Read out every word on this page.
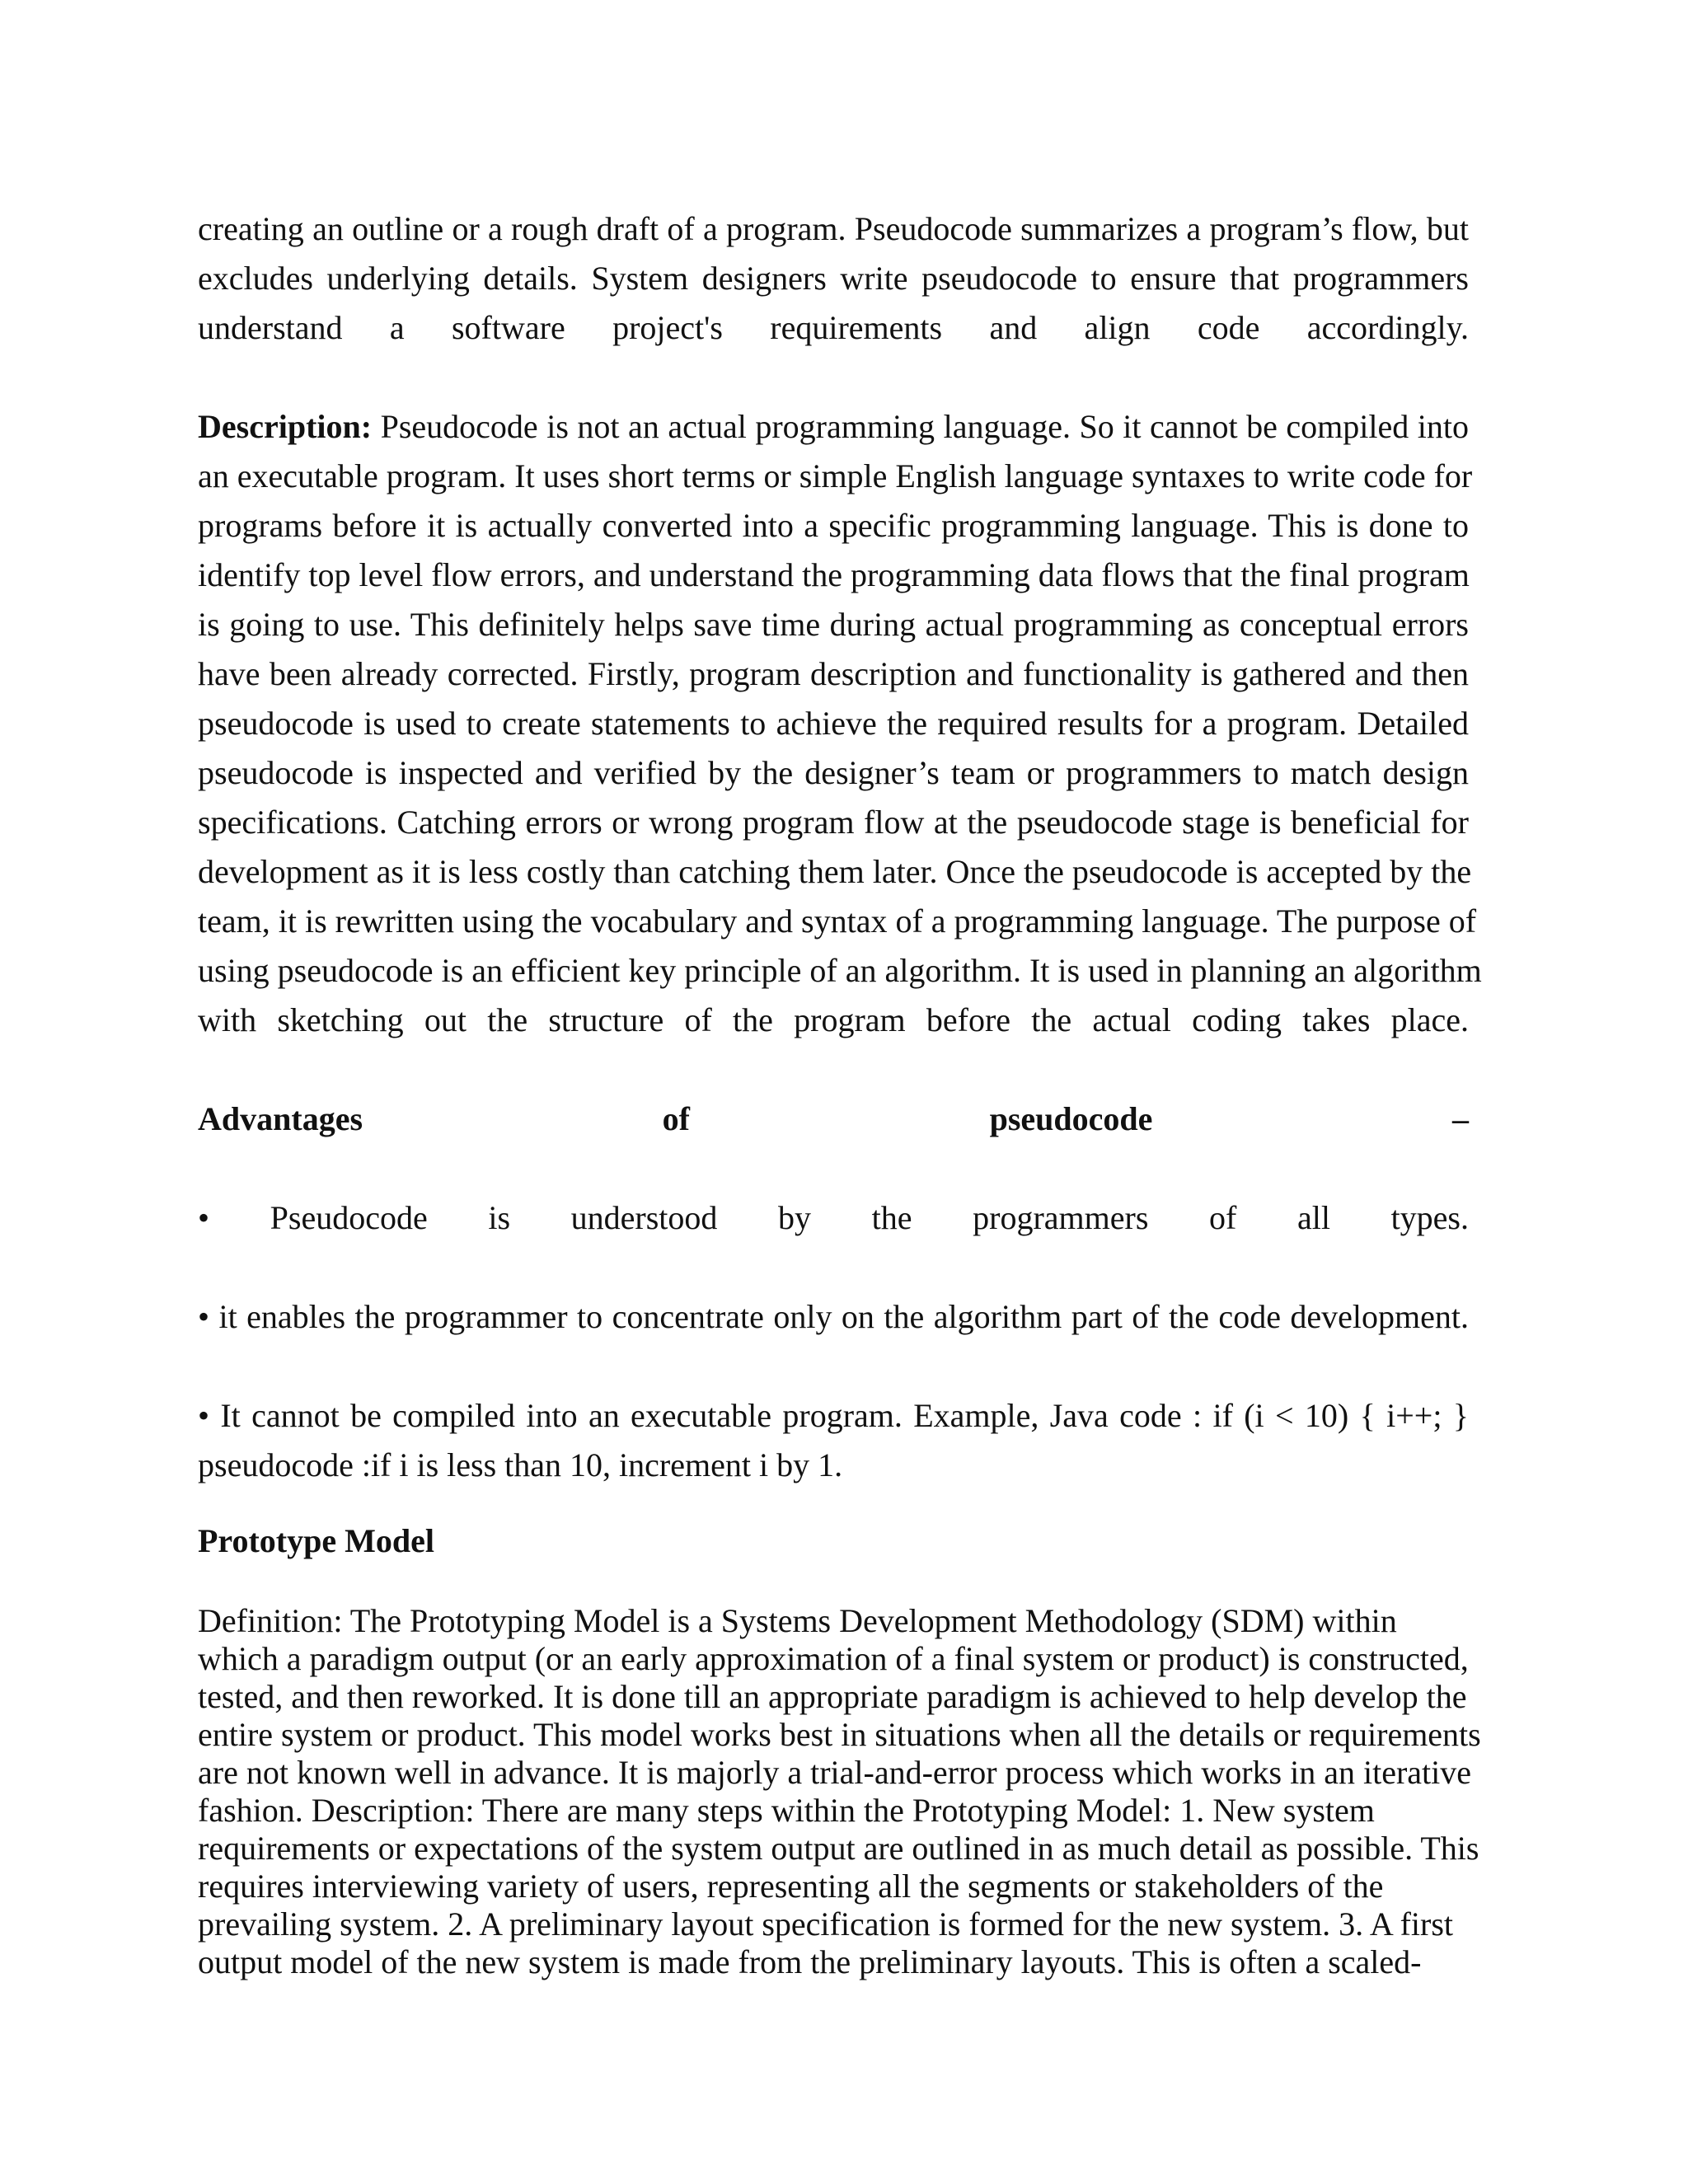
creating an outline or a rough draft of a program. Pseudocode summarizes a program’s flow, but
excludes underlying details. System designers write pseudocode to ensure that programmers
understand a software project's requirements and align code accordingly.
Description: Pseudocode is not an actual programming language. So it cannot be compiled into
an executable program. It uses short terms or simple English language syntaxes to write code for
programs before it is actually converted into a specific programming language. This is done to
identify top level flow errors, and understand the programming data flows that the final program
is going to use. This definitely helps save time during actual programming as conceptual errors
have been already corrected. Firstly, program description and functionality is gathered and then
pseudocode is used to create statements to achieve the required results for a program. Detailed
pseudocode is inspected and verified by the designer’s team or programmers to match design
specifications. Catching errors or wrong program flow at the pseudocode stage is beneficial for
development as it is less costly than catching them later. Once the pseudocode is accepted by the
team, it is rewritten using the vocabulary and syntax of a programming language. The purpose of
using pseudocode is an efficient key principle of an algorithm. It is used in planning an algorithm
with sketching out the structure of the program before the actual coding takes place.
Advantages of pseudocode –
• Pseudocode is understood by the programmers of all types.
• it enables the programmer to concentrate only on the algorithm part of the code development.
• It cannot be compiled into an executable program. Example, Java code : if (i < 10) { i++; }
pseudocode :if i is less than 10, increment i by 1.
Prototype Model
Definition: The Prototyping Model is a Systems Development Methodology (SDM) within
which a paradigm output (or an early approximation of a final system or product) is constructed,
tested, and then reworked. It is done till an appropriate paradigm is achieved to help develop the
entire system or product. This model works best in situations when all the details or requirements
are not known well in advance. It is majorly a trial-and-error process which works in an iterative
fashion. Description: There are many steps within the Prototyping Model: 1. New system
requirements or expectations of the system output are outlined in as much detail as possible. This
requires interviewing variety of users, representing all the segments or stakeholders of the
prevailing system. 2. A preliminary layout specification is formed for the new system. 3. A first
output model of the new system is made from the preliminary layouts. This is often a scaled-
